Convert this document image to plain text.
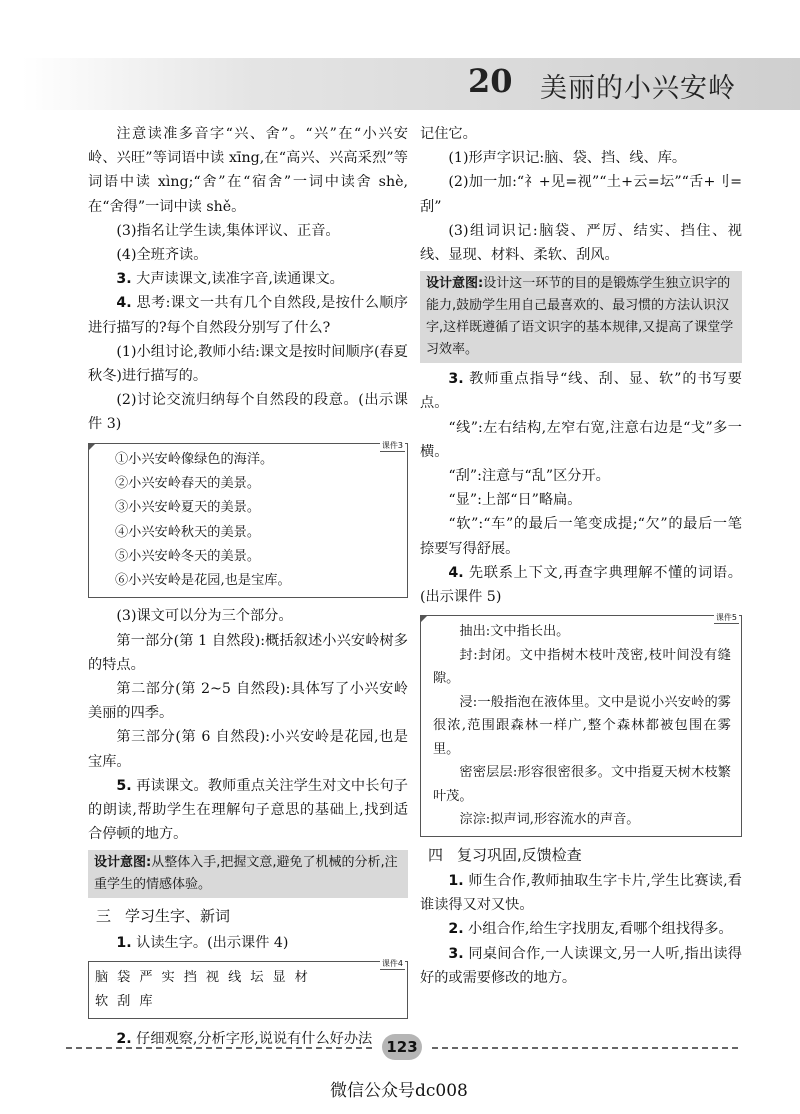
20 美丽的小兴安岭

注意读准多音字“兴、舍”。“兴”在“小兴安岭、兴旺”等词语中读 xīng,在“高兴、兴高采烈”等词语中读 xìng;“舍”在“宿舍”一词中读舍 shè,在“舍得”一词中读 shě。

(3)指名让学生读,集体评议、正音。

(4)全班齐读。

3. 大声读课文,读准字音,读通课文。

4. 思考:课文一共有几个自然段,是按什么顺序进行描写的?每个自然段分别写了什么?

(1)小组讨论,教师小结:课文是按时间顺序(春夏秋冬)进行描写的。

(2)讨论交流归纳每个自然段的段意。(出示课件 3)

课件3
①小兴安岭像绿色的海洋。
②小兴安岭春天的美景。
③小兴安岭夏天的美景。
④小兴安岭秋天的美景。
⑤小兴安岭冬天的美景。
⑥小兴安岭是花园,也是宝库。

(3)课文可以分为三个部分。

第一部分(第 1 自然段):概括叙述小兴安岭树多的特点。

第二部分(第 2~5 自然段):具体写了小兴安岭美丽的四季。

第三部分(第 6 自然段):小兴安岭是花园,也是宝库。

5. 再读课文。教师重点关注学生对文中长句子的朗读,帮助学生在理解句子意思的基础上,找到适合停顿的地方。

设计意图:从整体入手,把握文意,避免了机械的分析,注重学生的情感体验。
三 学习生字、新词

1. 认读生字。(出示课件 4)

课件4
脑袋严实挡视线坛显材
软刮库

2. 仔细观察,分析字形,说说有什么好办法

记住它。

(1)形声字识记:脑、袋、挡、线、库。

(2)加一加:“礻+见=视”“土+云=坛”“舌+刂=刮”

(3)组词识记:脑袋、严厉、结实、挡住、视线、显现、材料、柔软、刮风。

设计意图:设计这一环节的目的是锻炼学生独立识字的能力,鼓励学生用自己最喜欢的、最习惯的方法认识汉字,这样既遵循了语文识字的基本规律,又提高了课堂学习效率。

3. 教师重点指导“线、刮、显、软”的书写要点。

“线”:左右结构,左窄右宽,注意右边是“戈”多一横。

“刮”:注意与“乱”区分开。

“显”:上部“日”略扁。

“软”:“车”的最后一笔变成提;“欠”的最后一笔捺要写得舒展。

4. 先联系上下文,再查字典理解不懂的词语。(出示课件 5)

课件5

抽出:文中指长出。

封:封闭。文中指树木枝叶茂密,枝叶间没有缝隙。

浸:一般指泡在液体里。文中是说小兴安岭的雾很浓,范围跟森林一样广,整个森林都被包围在雾里。

密密层层:形容很密很多。文中指夏天树木枝繁叶茂。

淙淙:拟声词,形容流水的声音。

四 复习巩固,反馈检查

1. 师生合作,教师抽取生字卡片,学生比赛读,看谁读得又对又快。

2. 小组合作,给生字找朋友,看哪个组找得多。

3. 同桌间合作,一人读课文,另一人听,指出读得好的或需要修改的地方。

123
微信公众号dc008
